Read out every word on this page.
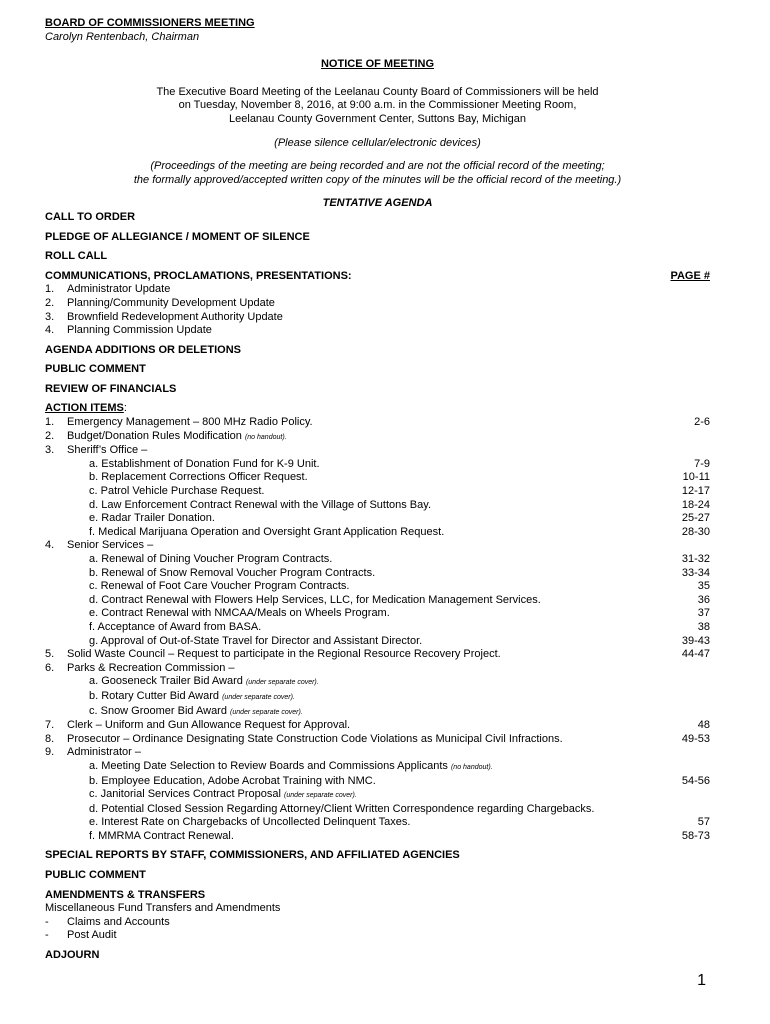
BOARD OF COMMISSIONERS MEETING
Carolyn Rentenbach, Chairman
NOTICE OF MEETING
The Executive Board Meeting of the Leelanau County Board of Commissioners will be held
on Tuesday, November 8, 2016, at 9:00 a.m. in the Commissioner Meeting Room,
Leelanau County Government Center, Suttons Bay, Michigan
(Please silence cellular/electronic devices)
(Proceedings of the meeting are being recorded and are not the official record of the meeting;
the formally approved/accepted written copy of the minutes will be the official record of the meeting.)
TENTATIVE AGENDA
CALL TO ORDER
PLEDGE OF ALLEGIANCE / MOMENT OF SILENCE
ROLL CALL
COMMUNICATIONS, PROCLAMATIONS, PRESENTATIONS:	PAGE #
1.	Administrator Update
2.	Planning/Community Development Update
3.	Brownfield Redevelopment Authority Update
4.	Planning Commission Update
AGENDA ADDITIONS OR DELETIONS
PUBLIC COMMENT
REVIEW OF FINANCIALS
ACTION ITEMS:
1.	Emergency Management – 800 MHz Radio Policy.	2-6
2.	Budget/Donation Rules Modification (no handout).
3.	Sheriff’s Office –
a. Establishment of Donation Fund for K-9 Unit.	7-9
b. Replacement Corrections Officer Request.	10-11
c. Patrol Vehicle Purchase Request.	12-17
d. Law Enforcement Contract Renewal with the Village of Suttons Bay.	18-24
e. Radar Trailer Donation.	25-27
f. Medical Marijuana Operation and Oversight Grant Application Request.	28-30
4.	Senior Services –
a. Renewal of Dining Voucher Program Contracts.	31-32
b. Renewal of Snow Removal Voucher Program Contracts.	33-34
c. Renewal of Foot Care Voucher Program Contracts.	35
d. Contract Renewal with Flowers Help Services, LLC, for Medication Management Services.	36
e. Contract Renewal with NMCAA/Meals on Wheels Program.	37
f. Acceptance of Award from BASA.	38
g. Approval of Out-of-State Travel for Director and Assistant Director.	39-43
5.	Solid Waste Council – Request to participate in the Regional Resource Recovery Project.	44-47
6.	Parks & Recreation Commission –
a. Gooseneck Trailer Bid Award (under separate cover).
b. Rotary Cutter Bid Award (under separate cover).
c. Snow Groomer Bid Award (under separate cover).
7.	Clerk – Uniform and Gun Allowance Request for Approval.	48
8.	Prosecutor – Ordinance Designating State Construction Code Violations as Municipal Civil Infractions.	49-53
9.	Administrator –
a. Meeting Date Selection to Review Boards and Commissions Applicants (no handout).
b. Employee Education, Adobe Acrobat Training with NMC.	54-56
c. Janitorial Services Contract Proposal (under separate cover).
d. Potential Closed Session Regarding Attorney/Client Written Correspondence regarding Chargebacks.
e. Interest Rate on Chargebacks of Uncollected Delinquent Taxes.	57
f. MMRMA Contract Renewal.	58-73
SPECIAL REPORTS BY STAFF, COMMISSIONERS, AND AFFILIATED AGENCIES
PUBLIC COMMENT
AMENDMENTS & TRANSFERS
Miscellaneous Fund Transfers and Amendments
-	Claims and Accounts
-	Post Audit
ADJOURN
1
